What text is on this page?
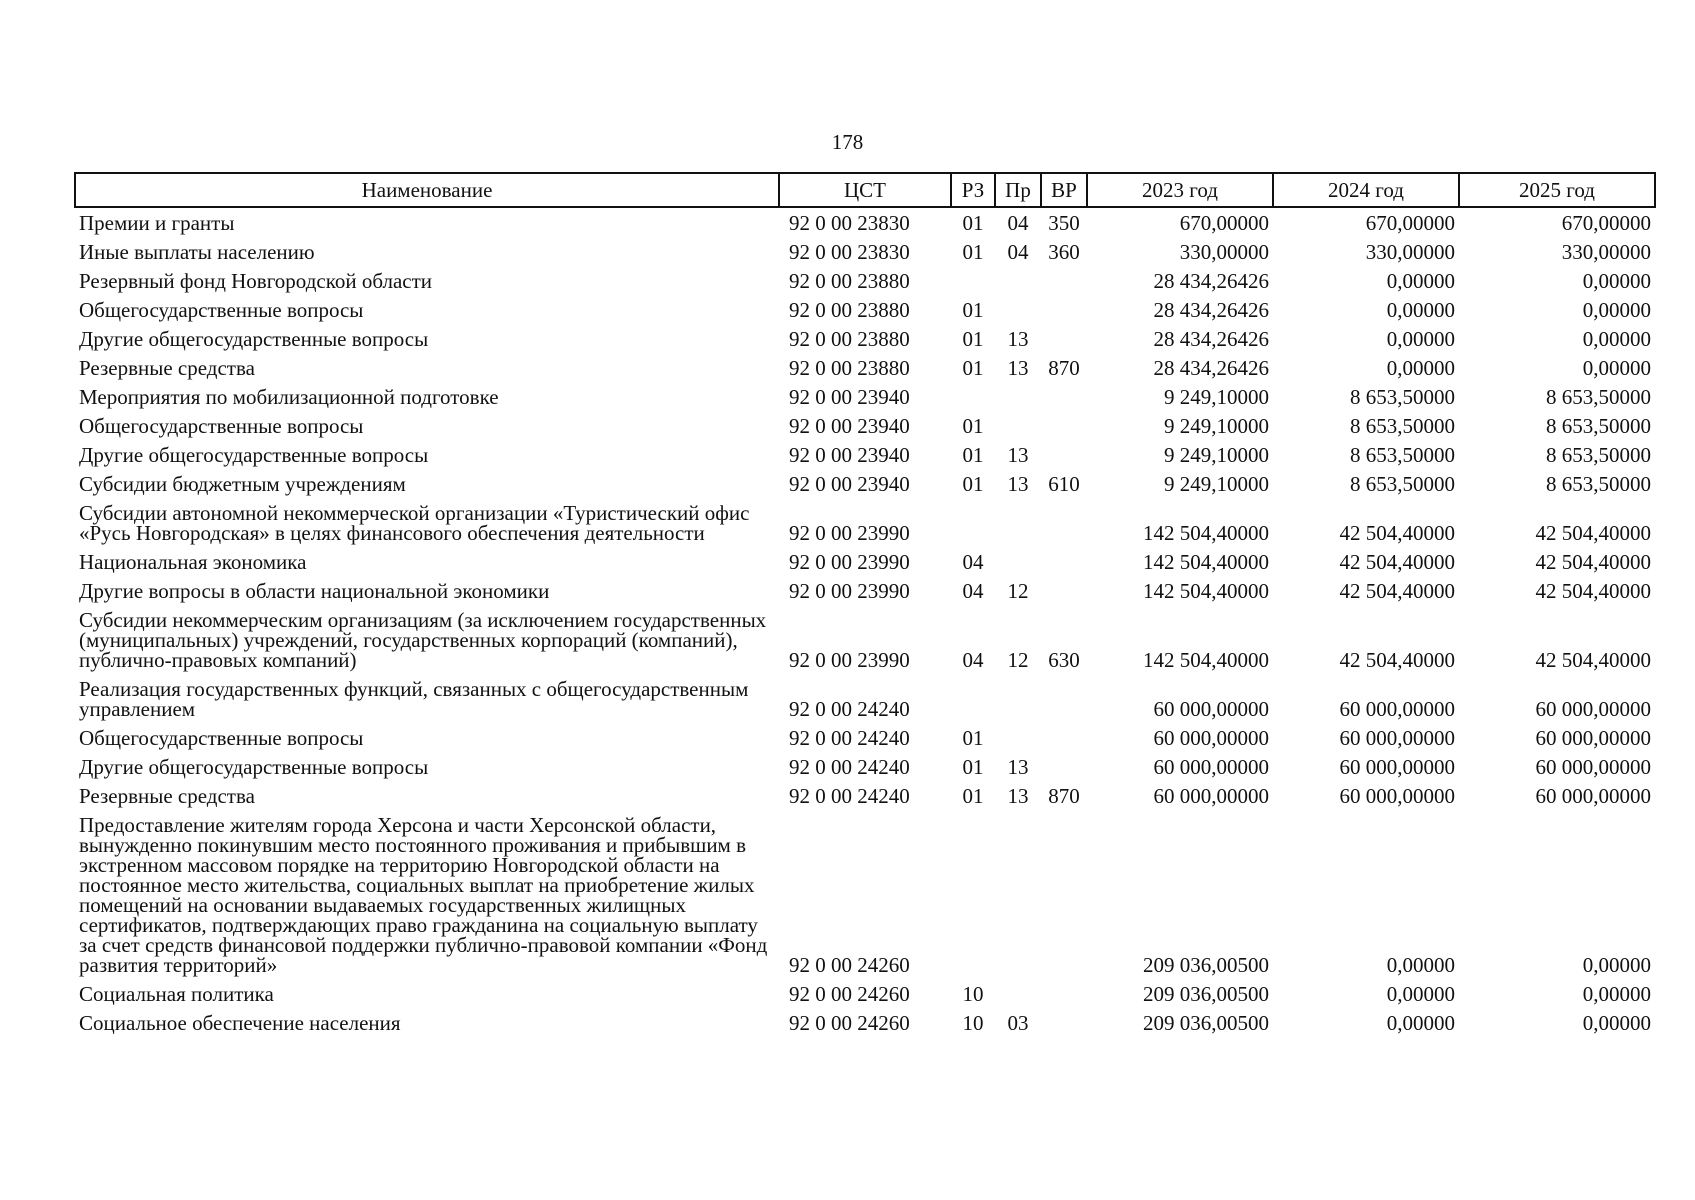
178
Наименование	ЦСТ	РЗ	Пр	ВР	2023 год	2024 год	2025 год
Премии и гранты	92 0 00 23830	01	04	350	670,00000	670,00000	670,00000
Иные выплаты населению	92 0 00 23830	01	04	360	330,00000	330,00000	330,00000
Резервный фонд Новгородской области	92 0 00 23880				28 434,26426	0,00000	0,00000
Общегосударственные вопросы	92 0 00 23880	01			28 434,26426	0,00000	0,00000
Другие общегосударственные вопросы	92 0 00 23880	01	13		28 434,26426	0,00000	0,00000
Резервные средства	92 0 00 23880	01	13	870	28 434,26426	0,00000	0,00000
Мероприятия по мобилизационной подготовке	92 0 00 23940				9 249,10000	8 653,50000	8 653,50000
Общегосударственные вопросы	92 0 00 23940	01			9 249,10000	8 653,50000	8 653,50000
Другие общегосударственные вопросы	92 0 00 23940	01	13		9 249,10000	8 653,50000	8 653,50000
Субсидии бюджетным учреждениям	92 0 00 23940	01	13	610	9 249,10000	8 653,50000	8 653,50000
Субсидии автономной некоммерческой организации «Туристический офис «Русь Новгородская» в целях финансового обеспечения деятельности	92 0 00 23990				142 504,40000	42 504,40000	42 504,40000
Национальная экономика	92 0 00 23990	04			142 504,40000	42 504,40000	42 504,40000
Другие вопросы в области национальной экономики	92 0 00 23990	04	12		142 504,40000	42 504,40000	42 504,40000
Субсидии некоммерческим организациям (за исключением государственных (муниципальных) учреждений, государственных корпораций (компаний), публично-правовых компаний)	92 0 00 23990	04	12	630	142 504,40000	42 504,40000	42 504,40000
Реализация государственных функций, связанных с общегосударственным управлением	92 0 00 24240				60 000,00000	60 000,00000	60 000,00000
Общегосударственные вопросы	92 0 00 24240	01			60 000,00000	60 000,00000	60 000,00000
Другие общегосударственные вопросы	92 0 00 24240	01	13		60 000,00000	60 000,00000	60 000,00000
Резервные средства	92 0 00 24240	01	13	870	60 000,00000	60 000,00000	60 000,00000
Предоставление жителям города Херсона и части Херсонской области, вынужденно покинувшим место постоянного проживания и прибывшим в экстренном массовом порядке на территорию Новгородской области на постоянное место жительства, социальных выплат на приобретение жилых помещений на основании выдаваемых государственных жилищных сертификатов, подтверждающих право гражданина на социальную выплату за счет средств финансовой поддержки публично-правовой компании «Фонд развития территорий»	92 0 00 24260				209 036,00500	0,00000	0,00000
Социальная политика	92 0 00 24260	10			209 036,00500	0,00000	0,00000
Социальное обеспечение населения	92 0 00 24260	10	03		209 036,00500	0,00000	0,00000
